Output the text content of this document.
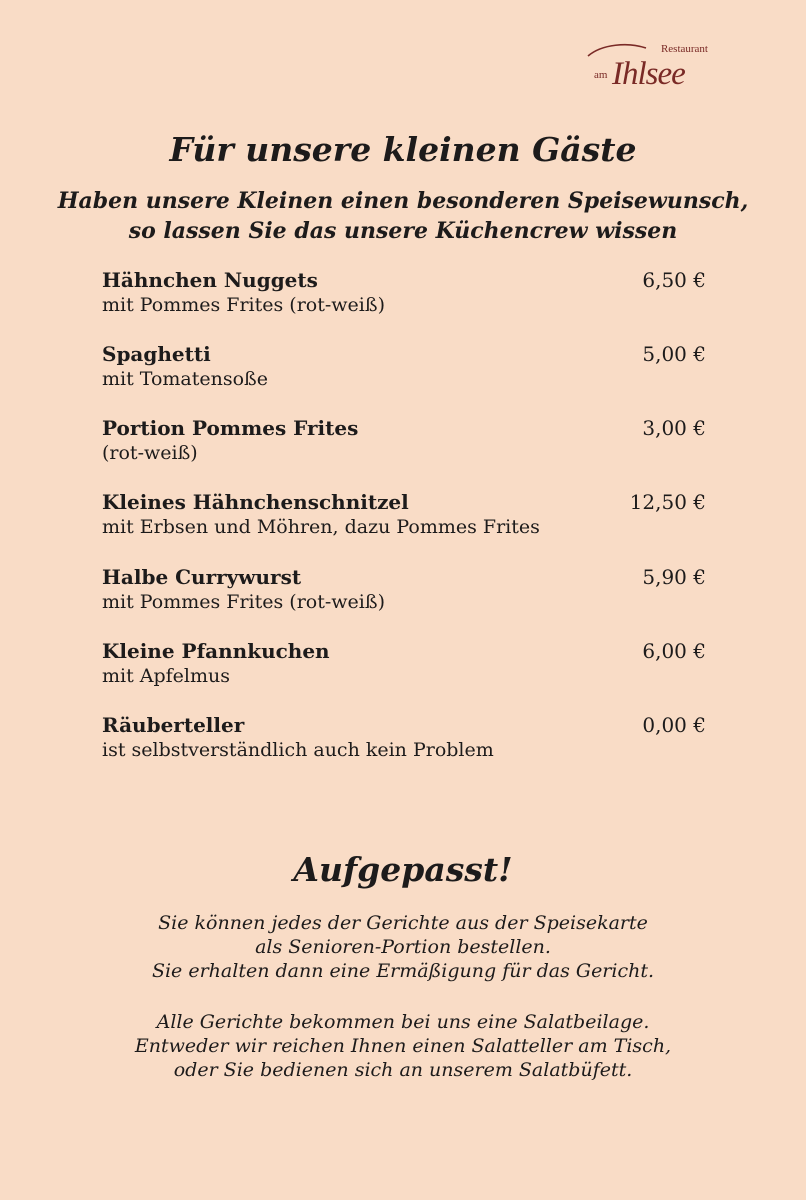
Restaurant
am Ihlsee
Für unsere kleinen Gäste
Haben unsere Kleinen einen besonderen Speisewunsch,
so lassen Sie das unsere Küchencrew wissen
Hähnchen Nuggets
mit Pommes Frites (rot-weiß)
6,50 €
Spaghetti
mit Tomatensoße
5,00 €
Portion Pommes Frites
(rot-weiß)
3,00 €
Kleines Hähnchenschnitzel
mit Erbsen und Möhren, dazu Pommes Frites
12,50 €
Halbe Currywurst
mit Pommes Frites (rot-weiß)
5,90 €
Kleine Pfannkuchen
mit Apfelmus
6,00 €
Räuberteller
ist selbstverständlich auch kein Problem
0,00 €
Aufgepasst!
Sie können jedes der Gerichte aus der Speisekarte
als Senioren-Portion bestellen.
Sie erhalten dann eine Ermäßigung für das Gericht.
Alle Gerichte bekommen bei uns eine Salatbeilage.
Entweder wir reichen Ihnen einen Salatteller am Tisch,
oder Sie bedienen sich an unserem Salatbüfett.
